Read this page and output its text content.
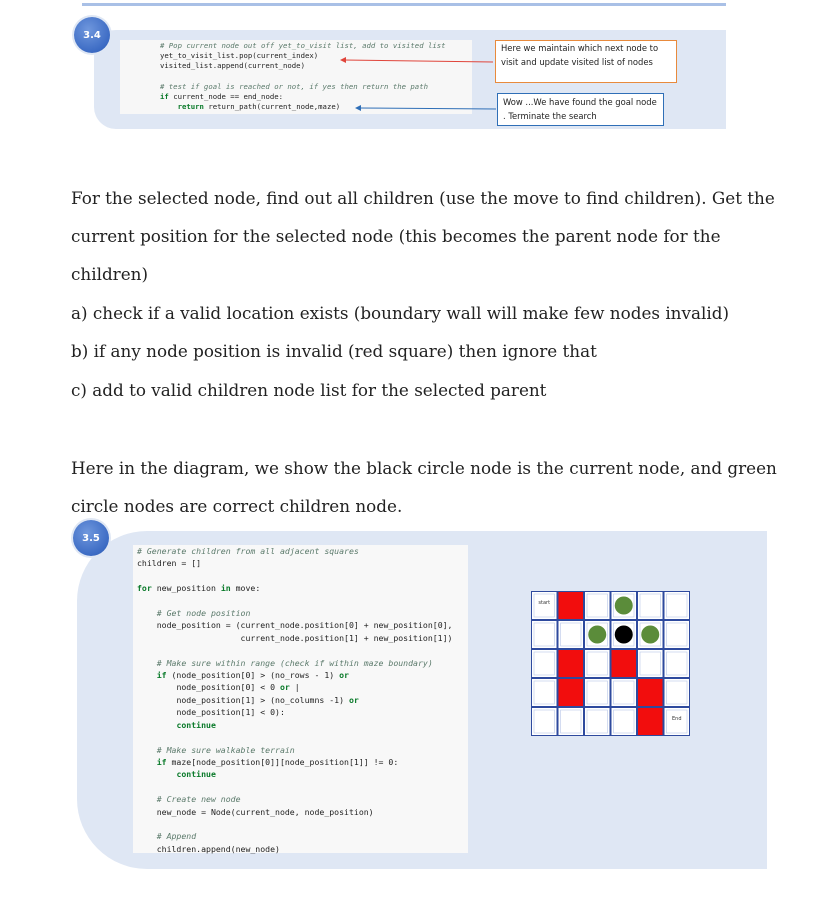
3.4
# Pop current node out off yet_to_visit list, add to visited list
yet_to_visit_list.pop(current_index)
visited_list.append(current_node)

# test if goal is reached or not, if yes then return the path
if current_node == end_node:
return return_path(current_node,maze)
Here we maintain which next node to visit and update visited list of nodes
Wow ...We have found the goal node . Terminate the search
For the selected node, find out all children (use the move to find children). Get the
current position for the selected node (this becomes the parent node for the
children)
a) check if a valid location exists (boundary wall will make few nodes invalid)
b) if any node position is invalid (red square) then ignore that
c) add to valid children node list for the selected parent
Here in the diagram, we show the black circle node is the current node, and green
circle nodes are correct children node.
3.5
# Generate children from all adjacent squares
children = []

for new_position in move:

# Get node position
node_position = (current_node.position[0] + new_position[0],
current_node.position[1] + new_position[1])

# Make sure within range (check if within maze boundary)
if (node_position[0] > (no_rows - 1) or
node_position[0] < 0 or |
node_position[1] > (no_columns -1) or
node_position[1] < 0):
continue

# Make sure walkable terrain
if maze[node_position[0]][node_position[1]] != 0:
continue

# Create new node
new_node = Node(current_node, node_position)

# Append
children.append(new_node)
start
End
